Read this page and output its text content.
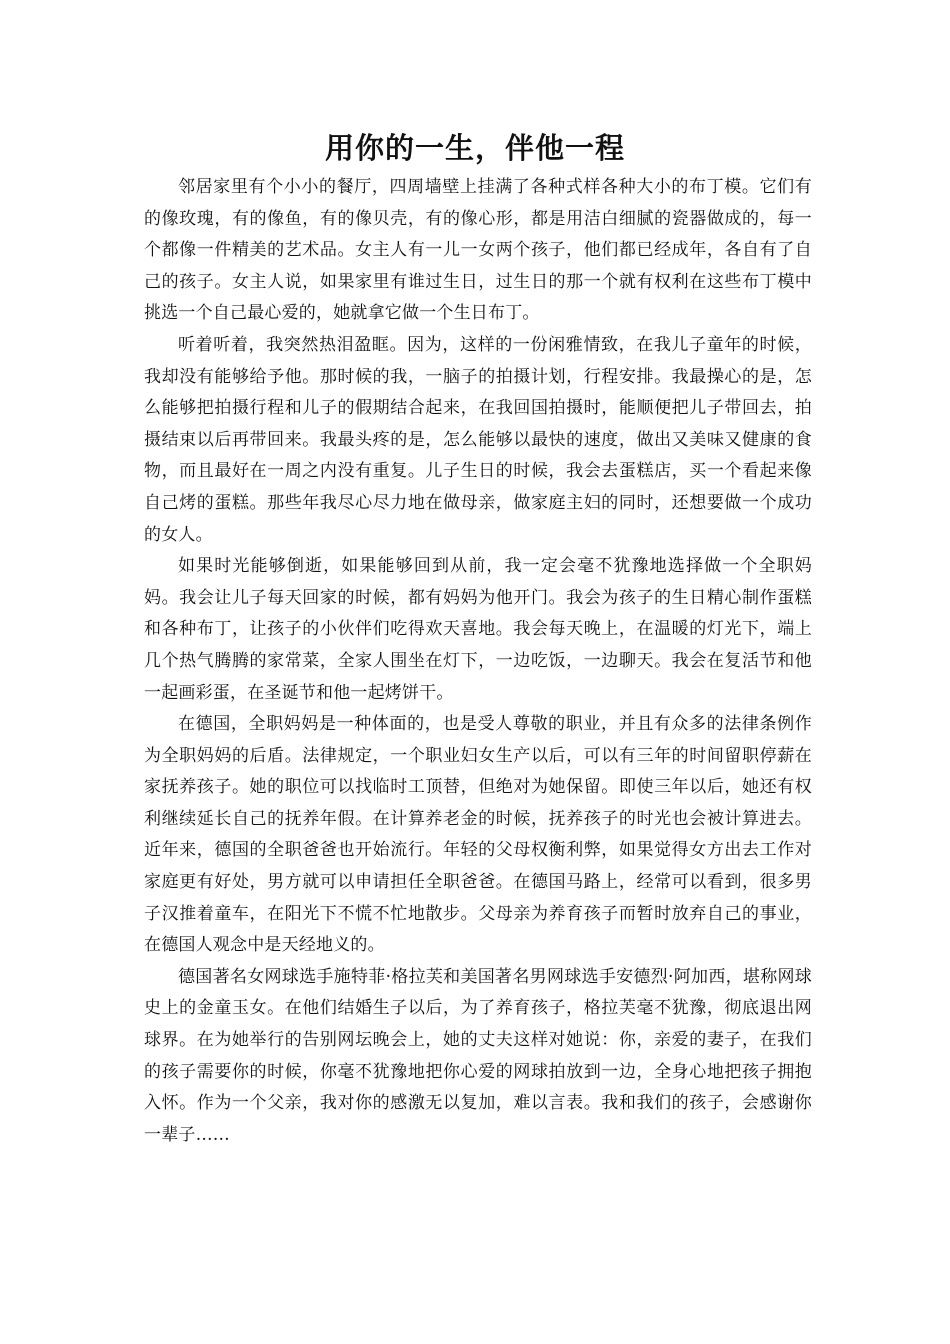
用你的一生，伴他一程

邻居家里有个小小的餐厅，四周墙壁上挂满了各种式样各种大小的布丁模。它们有的像玫瑰，有的像鱼，有的像贝壳，有的像心形，都是用洁白细腻的瓷器做成的，每一个都像一件精美的艺术品。女主人有一儿一女两个孩子，他们都已经成年，各自有了自己的孩子。女主人说，如果家里有谁过生日，过生日的那一个就有权利在这些布丁模中挑选一个自己最心爱的，她就拿它做一个生日布丁。

听着听着，我突然热泪盈眶。因为，这样的一份闲雅情致，在我儿子童年的时候，我却没有能够给予他。那时候的我，一脑子的拍摄计划，行程安排。我最操心的是，怎么能够把拍摄行程和儿子的假期结合起来，在我回国拍摄时，能顺便把儿子带回去，拍摄结束以后再带回来。我最头疼的是，怎么能够以最快的速度，做出又美味又健康的食物，而且最好在一周之内没有重复。儿子生日的时候，我会去蛋糕店，买一个看起来像自己烤的蛋糕。那些年我尽心尽力地在做母亲，做家庭主妇的同时，还想要做一个成功的女人。

如果时光能够倒逝，如果能够回到从前，我一定会毫不犹豫地选择做一个全职妈妈。我会让儿子每天回家的时候，都有妈妈为他开门。我会为孩子的生日精心制作蛋糕和各种布丁，让孩子的小伙伴们吃得欢天喜地。我会每天晚上，在温暖的灯光下，端上几个热气腾腾的家常菜，全家人围坐在灯下，一边吃饭，一边聊天。我会在复活节和他一起画彩蛋，在圣诞节和他一起烤饼干。

在德国，全职妈妈是一种体面的，也是受人尊敬的职业，并且有众多的法律条例作为全职妈妈的后盾。法律规定，一个职业妇女生产以后，可以有三年的时间留职停薪在家抚养孩子。她的职位可以找临时工顶替，但绝对为她保留。即使三年以后，她还有权利继续延长自己的抚养年假。在计算养老金的时候，抚养孩子的时光也会被计算进去。近年来，德国的全职爸爸也开始流行。年轻的父母权衡利弊，如果觉得女方出去工作对家庭更有好处，男方就可以申请担任全职爸爸。在德国马路上，经常可以看到，很多男子汉推着童车，在阳光下不慌不忙地散步。父母亲为养育孩子而暂时放弃自己的事业，在德国人观念中是天经地义的。

德国著名女网球选手施特菲·格拉芙和美国著名男网球选手安德烈·阿加西，堪称网球史上的金童玉女。在他们结婚生子以后，为了养育孩子，格拉芙毫不犹豫，彻底退出网球界。在为她举行的告别网坛晚会上，她的丈夫这样对她说：你，亲爱的妻子，在我们的孩子需要你的时候，你毫不犹豫地把你心爱的网球拍放到一边，全身心地把孩子拥抱入怀。作为一个父亲，我对你的感激无以复加，难以言表。我和我们的孩子，会感谢你一辈子……
